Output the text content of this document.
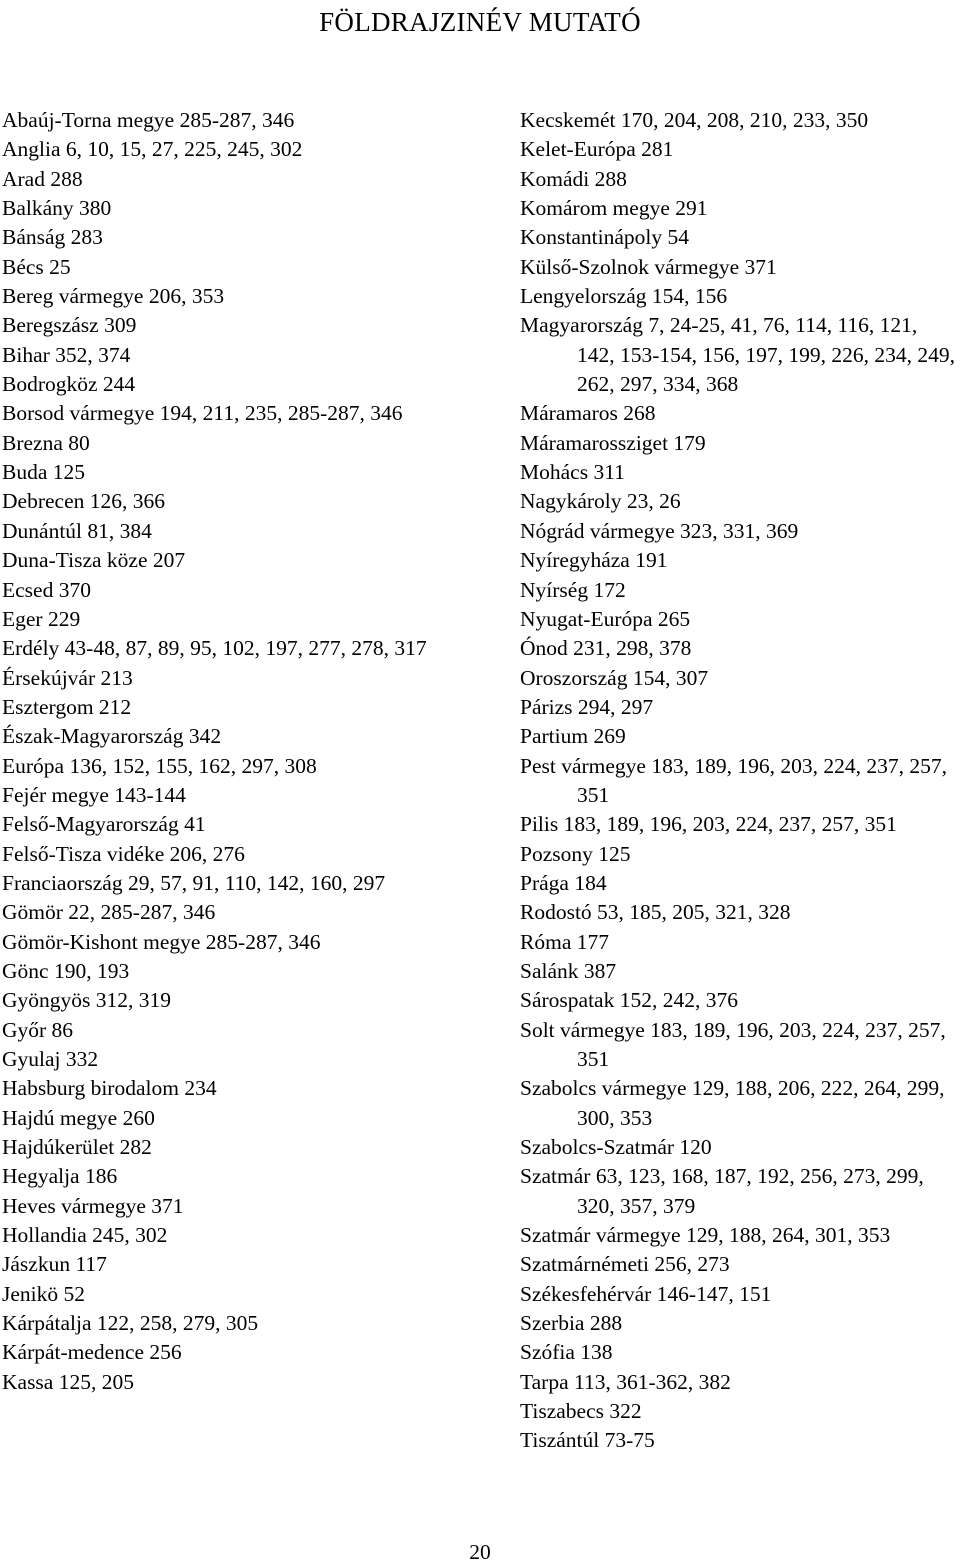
FÖLDRAJZINÉV MUTATÓ
Abaúj-Torna megye 285-287, 346
Anglia 6, 10, 15, 27, 225, 245, 302
Arad 288
Balkány 380
Bánság 283
Bécs 25
Bereg vármegye 206, 353
Beregszász 309
Bihar 352, 374
Bodrogköz 244
Borsod vármegye 194, 211, 235, 285-287, 346
Brezna 80
Buda 125
Debrecen 126, 366
Dunántúl 81, 384
Duna-Tisza köze 207
Ecsed 370
Eger 229
Erdély 43-48, 87, 89, 95, 102, 197, 277, 278, 317
Érsekújvár 213
Esztergom 212
Észak-Magyarország 342
Európa 136, 152, 155, 162, 297, 308
Fejér megye 143-144
Felső-Magyarország 41
Felső-Tisza vidéke 206, 276
Franciaország 29, 57, 91, 110, 142, 160, 297
Gömör 22, 285-287, 346
Gömör-Kishont megye 285-287, 346
Gönc 190, 193
Gyöngyös 312, 319
Győr 86
Gyulaj 332
Habsburg birodalom 234
Hajdú megye 260
Hajdúkerület 282
Hegyalja 186
Heves vármegye 371
Hollandia 245, 302
Jászkun 117
Jenikö 52
Kárpátalja 122, 258, 279, 305
Kárpát-medence 256
Kassa 125, 205
Kecskemét 170, 204, 208, 210, 233, 350
Kelet-Európa 281
Komádi 288
Komárom megye 291
Konstantinápoly 54
Külső-Szolnok vármegye 371
Lengyelország 154, 156
Magyarország 7, 24-25, 41, 76, 114, 116, 121, 142, 153-154, 156, 197, 199, 226, 234, 249, 262, 297, 334, 368
Máramaros 268
Máramarossziget 179
Mohács 311
Nagykároly 23, 26
Nógrád vármegye 323, 331, 369
Nyíregyháza 191
Nyírség 172
Nyugat-Európa 265
Ónod 231, 298, 378
Oroszország 154, 307
Párizs 294, 297
Partium 269
Pest vármegye 183, 189, 196, 203, 224, 237, 257, 351
Pilis 183, 189, 196, 203, 224, 237, 257, 351
Pozsony 125
Prága 184
Rodostó 53, 185, 205, 321, 328
Róma 177
Salánk 387
Sárospatak 152, 242, 376
Solt vármegye 183, 189, 196, 203, 224, 237, 257, 351
Szabolcs vármegye 129, 188, 206, 222, 264, 299, 300, 353
Szabolcs-Szatmár 120
Szatmár 63, 123, 168, 187, 192, 256, 273, 299, 320, 357, 379
Szatmár vármegye 129, 188, 264, 301, 353
Szatmárnémeti 256, 273
Székesfehérvár 146-147, 151
Szerbia 288
Szófia 138
Tarpa 113, 361-362, 382
Tiszabecs 322
Tiszántúl 73-75
20
